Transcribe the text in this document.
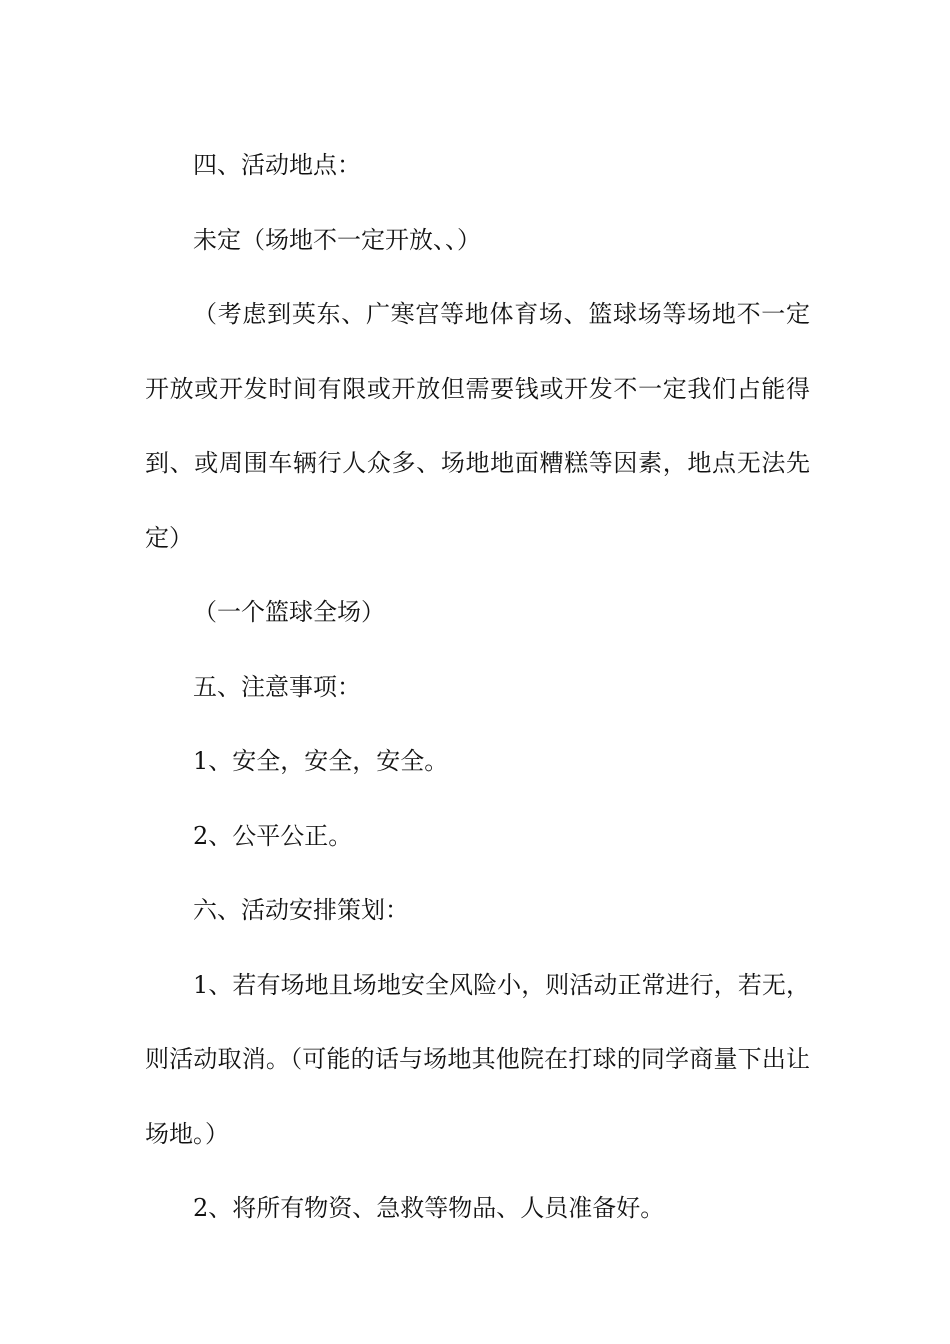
四、活动地点：

未定（场地不一定开放、、）

（考虑到英东、广寒宫等地体育场、篮球场等场地不一定开放或开发时间有限或开放但需要钱或开发不一定我们占能得到、或周围车辆行人众多、场地地面糟糕等因素，地点无法先定）

（一个篮球全场）

五、注意事项：

1、安全，安全，安全。

2、公平公正。

六、活动安排策划：

1、若有场地且场地安全风险小，则活动正常进行，若无，则活动取消。（可能的话与场地其他院在打球的同学商量下出让场地。）

2、将所有物资、急救等物品、人员准备好。
